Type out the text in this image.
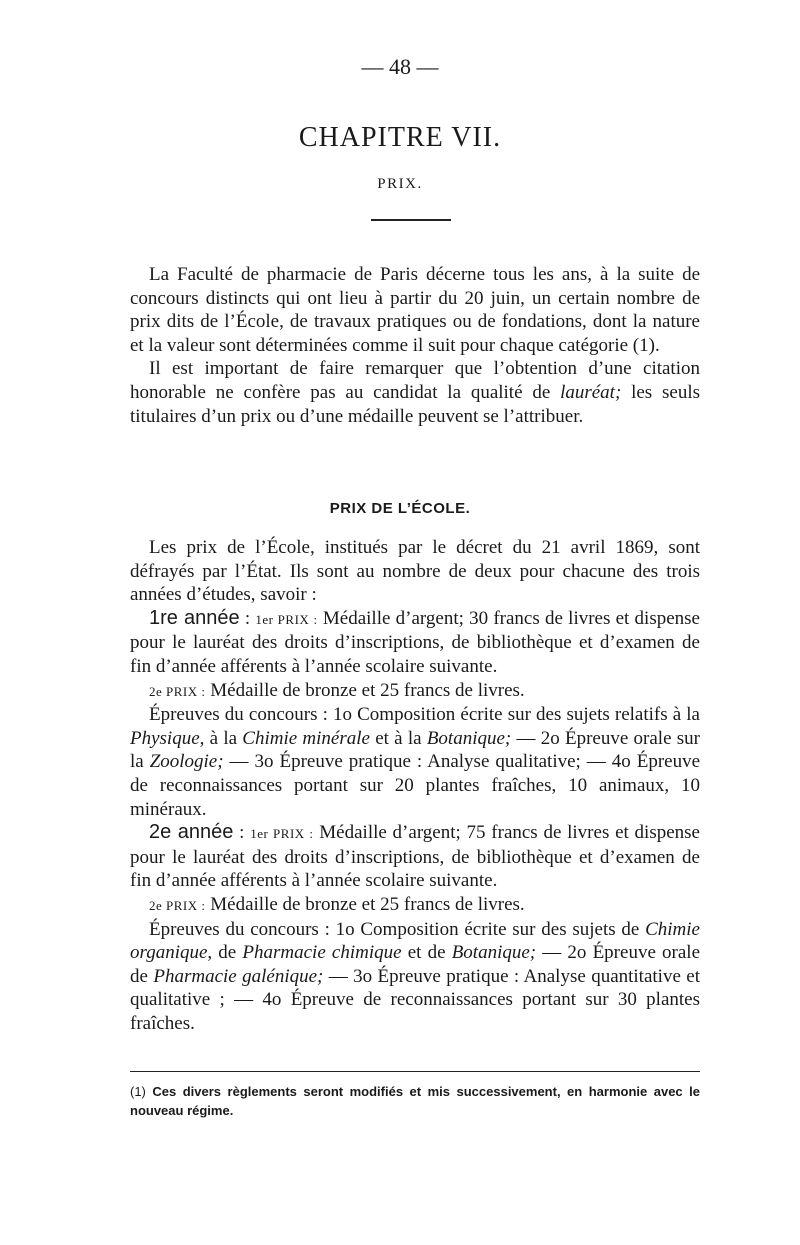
— 48 —
CHAPITRE VII.
PRIX.

La Faculté de pharmacie de Paris décerne tous les ans, à la suite de concours distincts qui ont lieu à partir du 20 juin, un certain nombre de prix dits de l’École, de travaux pratiques ou de fondations, dont la nature et la valeur sont déterminées comme il suit pour chaque catégorie (1).

Il est important de faire remarquer que l’obtention d’une citation honorable ne confère pas au candidat la qualité de lauréat; les seuls titulaires d’un prix ou d’une médaille peuvent se l’attribuer.

PRIX DE L’ÉCOLE.

Les prix de l’École, institués par le décret du 21 avril 1869, sont défrayés par l’État. Ils sont au nombre de deux pour chacune des trois années d’études, savoir :

1re année : 1er PRIX : Médaille d’argent; 30 francs de livres et dispense pour le lauréat des droits d’inscriptions, de bibliothèque et d’examen de fin d’année afférents à l’année scolaire suivante.

2e PRIX : Médaille de bronze et 25 francs de livres.

Épreuves du concours : 1o Composition écrite sur des sujets relatifs à la Physique, à la Chimie minérale et à la Botanique; — 2o Épreuve orale sur la Zoologie; — 3o Épreuve pratique : Analyse qualitative; — 4o Épreuve de reconnaissances portant sur 20 plantes fraîches, 10 animaux, 10 minéraux.

2e année : 1er PRIX : Médaille d’argent; 75 francs de livres et dispense pour le lauréat des droits d’inscriptions, de bibliothèque et d’examen de fin d’année afférents à l’année scolaire suivante.

2e PRIX : Médaille de bronze et 25 francs de livres.

Épreuves du concours : 1o Composition écrite sur des sujets de Chimie organique, de Pharmacie chimique et de Botanique; — 2o Épreuve orale de Pharmacie galénique; — 3o Épreuve pratique : Analyse quantitative et qualitative ; — 4o Épreuve de reconnaissances portant sur 30 plantes fraîches.

(1) Ces divers règlements seront modifiés et mis successivement, en harmonie avec le nouveau régime.
